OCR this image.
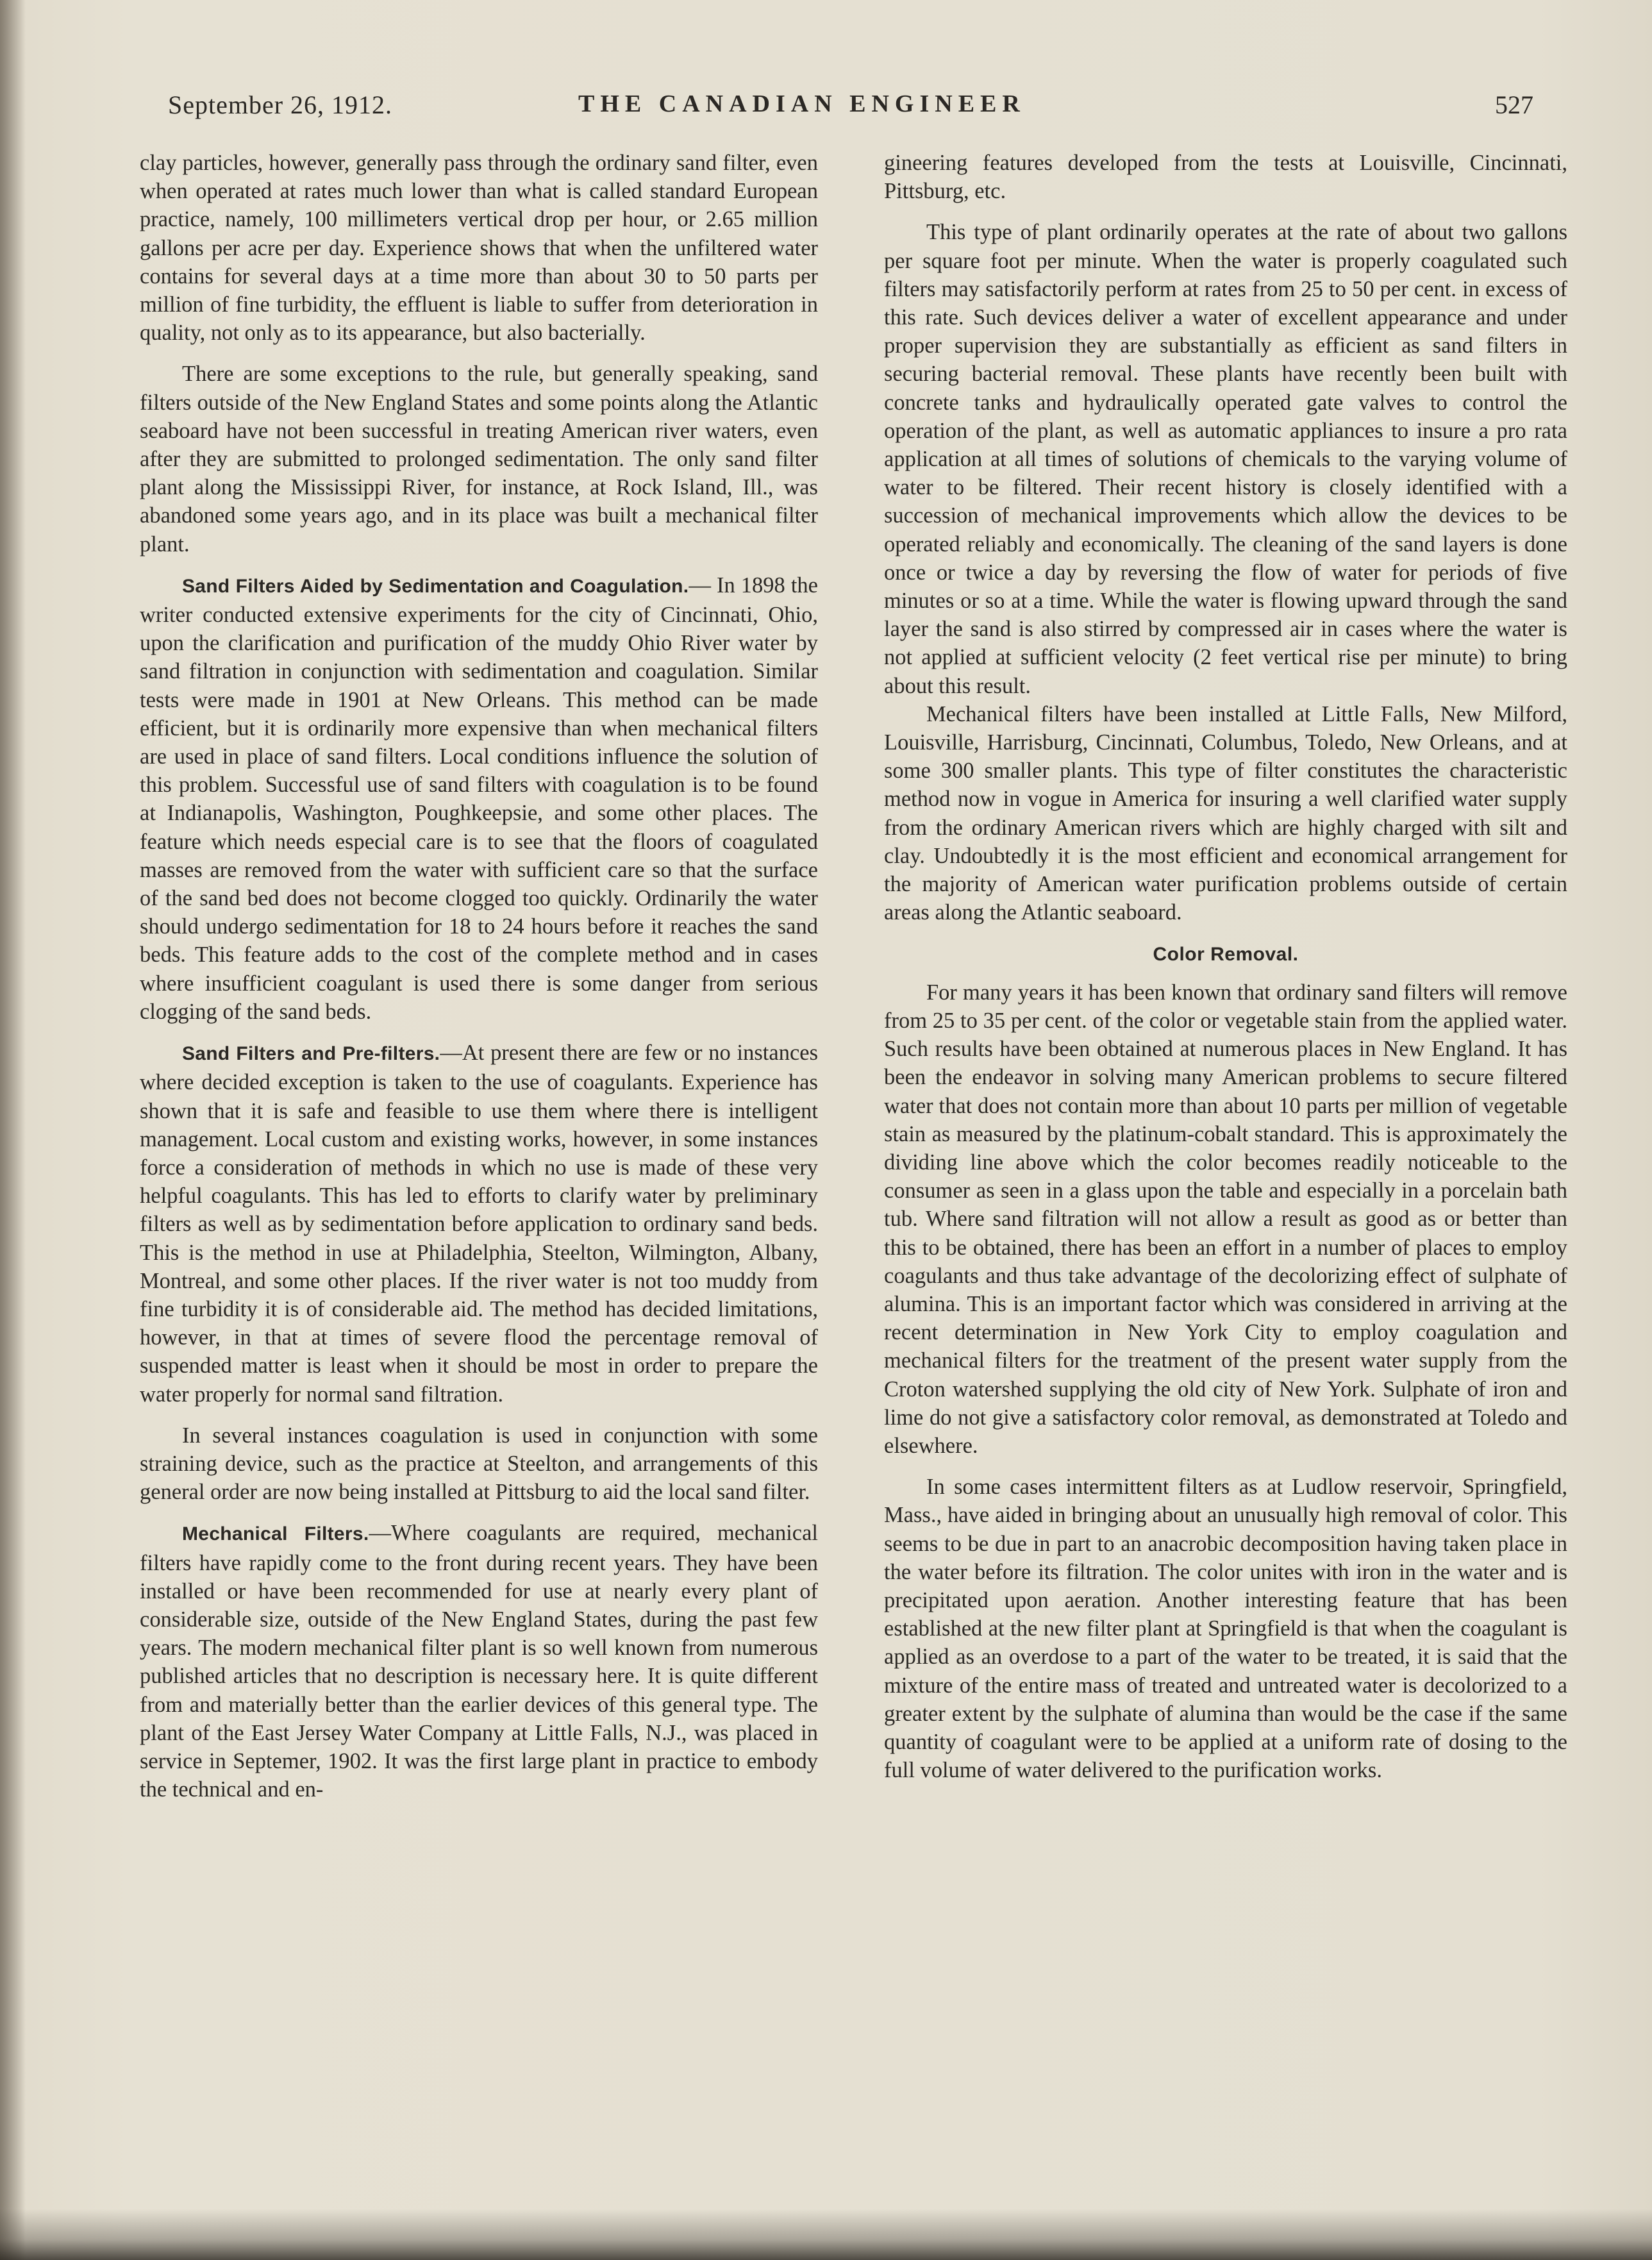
September 26, 1912.	THE CANADIAN ENGINEER	527

clay particles, however, generally pass through the ordinary sand filter, even when operated at rates much lower than what is called standard European practice, namely, 100 millimeters vertical drop per hour, or 2.65 million gallons per acre per day. Experience shows that when the unfiltered water contains for several days at a time more than about 30 to 50 parts per million of fine turbidity, the effluent is liable to suffer from deterioration in quality, not only as to its appearance, but also bacterially.

There are some exceptions to the rule, but generally speaking, sand filters outside of the New England States and some points along the Atlantic seaboard have not been successful in treating American river waters, even after they are submitted to prolonged sedimentation. The only sand filter plant along the Mississippi River, for instance, at Rock Island, Ill., was abandoned some years ago, and in its place was built a mechanical filter plant.

Sand Filters Aided by Sedimentation and Coagulation.— In 1898 the writer conducted extensive experiments for the city of Cincinnati, Ohio, upon the clarification and purification of the muddy Ohio River water by sand filtration in conjunction with sedimentation and coagulation. Similar tests were made in 1901 at New Orleans. This method can be made efficient, but it is ordinarily more expensive than when mechanical filters are used in place of sand filters. Local conditions influence the solution of this problem. Successful use of sand filters with coagulation is to be found at Indianapolis, Washington, Poughkeepsie, and some other places. The feature which needs especial care is to see that the floors of coagulated masses are removed from the water with sufficient care so that the surface of the sand bed does not become clogged too quickly. Ordinarily the water should undergo sedimentation for 18 to 24 hours before it reaches the sand beds. This feature adds to the cost of the complete method and in cases where insufficient coagulant is used there is some danger from serious clogging of the sand beds.

Sand Filters and Pre-filters.—At present there are few or no instances where decided exception is taken to the use of coagulants. Experience has shown that it is safe and feasible to use them where there is intelligent management. Local custom and existing works, however, in some instances force a consideration of methods in which no use is made of these very helpful coagulants. This has led to efforts to clarify water by preliminary filters as well as by sedimentation before application to ordinary sand beds. This is the method in use at Philadelphia, Steelton, Wilmington, Albany, Montreal, and some other places. If the river water is not too muddy from fine turbidity it is of considerable aid. The method has decided limitations, however, in that at times of severe flood the percentage removal of suspended matter is least when it should be most in order to prepare the water properly for normal sand filtration.

In several instances coagulation is used in conjunction with some straining device, such as the practice at Steelton, and arrangements of this general order are now being installed at Pittsburg to aid the local sand filter.

Mechanical Filters.—Where coagulants are required, mechanical filters have rapidly come to the front during recent years. They have been installed or have been recommended for use at nearly every plant of considerable size, outside of the New England States, during the past few years. The modern mechanical filter plant is so well known from numerous published articles that no description is necessary here. It is quite different from and materially better than the earlier devices of this general type. The plant of the East Jersey Water Company at Little Falls, N.J., was placed in service in Septemer, 1902. It was the first large plant in practice to embody the technical and en-

gineering features developed from the tests at Louisville, Cincinnati, Pittsburg, etc.

This type of plant ordinarily operates at the rate of about two gallons per square foot per minute. When the water is properly coagulated such filters may satisfactorily perform at rates from 25 to 50 per cent. in excess of this rate. Such devices deliver a water of excellent appearance and under proper supervision they are substantially as efficient as sand filters in securing bacterial removal. These plants have recently been built with concrete tanks and hydraulically operated gate valves to control the operation of the plant, as well as automatic appliances to insure a pro rata application at all times of solutions of chemicals to the varying volume of water to be filtered. Their recent history is closely identified with a succession of mechanical improvements which allow the devices to be operated reliably and economically. The cleaning of the sand layers is done once or twice a day by reversing the flow of water for periods of five minutes or so at a time. While the water is flowing upward through the sand layer the sand is also stirred by compressed air in cases where the water is not applied at sufficient velocity (2 feet vertical rise per minute) to bring about this result.

Mechanical filters have been installed at Little Falls, New Milford, Louisville, Harrisburg, Cincinnati, Columbus, Toledo, New Orleans, and at some 300 smaller plants. This type of filter constitutes the characteristic method now in vogue in America for insuring a well clarified water supply from the ordinary American rivers which are highly charged with silt and clay. Undoubtedly it is the most efficient and economical arrangement for the majority of American water purification problems outside of certain areas along the Atlantic seaboard.

Color Removal.

For many years it has been known that ordinary sand filters will remove from 25 to 35 per cent. of the color or vegetable stain from the applied water. Such results have been obtained at numerous places in New England. It has been the endeavor in solving many American problems to secure filtered water that does not contain more than about 10 parts per million of vegetable stain as measured by the platinum-cobalt standard. This is approximately the dividing line above which the color becomes readily noticeable to the consumer as seen in a glass upon the table and especially in a porcelain bath tub. Where sand filtration will not allow a result as good as or better than this to be obtained, there has been an effort in a number of places to employ coagulants and thus take advantage of the decolorizing effect of sulphate of alumina. This is an important factor which was considered in arriving at the recent determination in New York City to employ coagulation and mechanical filters for the treatment of the present water supply from the Croton watershed supplying the old city of New York. Sulphate of iron and lime do not give a satisfactory color removal, as demonstrated at Toledo and elsewhere.

In some cases intermittent filters as at Ludlow reservoir, Springfield, Mass., have aided in bringing about an unusually high removal of color. This seems to be due in part to an anacrobic decomposition having taken place in the water before its filtration. The color unites with iron in the water and is precipitated upon aeration. Another interesting feature that has been established at the new filter plant at Springfield is that when the coagulant is applied as an overdose to a part of the water to be treated, it is said that the mixture of the entire mass of treated and untreated water is decolorized to a greater extent by the sulphate of alumina than would be the case if the same quantity of coagulant were to be applied at a uniform rate of dosing to the full volume of water delivered to the purification works.
